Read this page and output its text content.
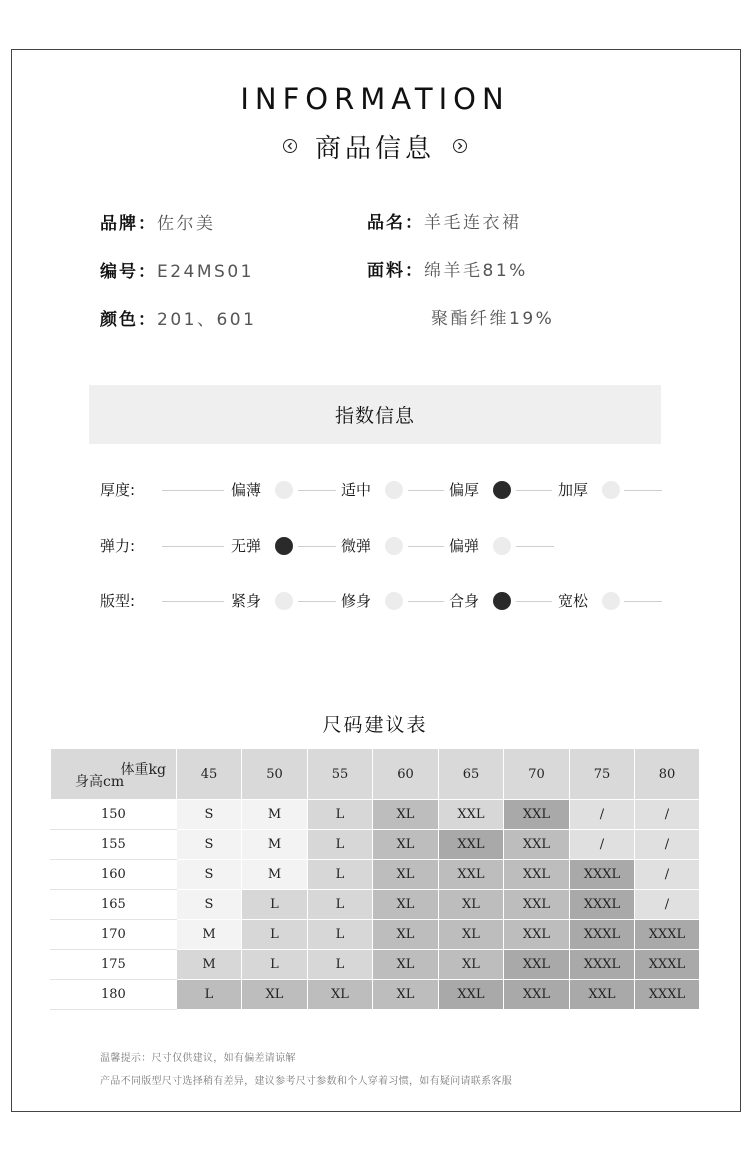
INFORMATION
商品信息
品牌：佐尔美	品名：羊毛连衣裙
编号：E24MS01	面料：绵羊毛81%
颜色：201、601	聚酯纤维19%
指数信息
厚度:	偏薄	适中	偏厚	加厚
弹力:	无弹	微弹	偏弹
版型:	紧身	修身	合身	宽松
尺码建议表
体重kg
身高cm	45	50	55	60	65	70	75	80
150	S	M	L	XL	XXL	XXL	/	/
155	S	M	L	XL	XXL	XXL	/	/
160	S	M	L	XL	XXL	XXL	XXXL	/
165	S	L	L	XL	XL	XXL	XXXL	/
170	M	L	L	XL	XL	XXL	XXXL	XXXL
175	M	L	L	XL	XL	XXL	XXXL	XXXL
180	L	XL	XL	XL	XXL	XXL	XXL	XXXL
温馨提示：尺寸仅供建议，如有偏差请谅解
产品不同版型尺寸选择稍有差异，建议参考尺寸参数和个人穿着习惯，如有疑问请联系客服
